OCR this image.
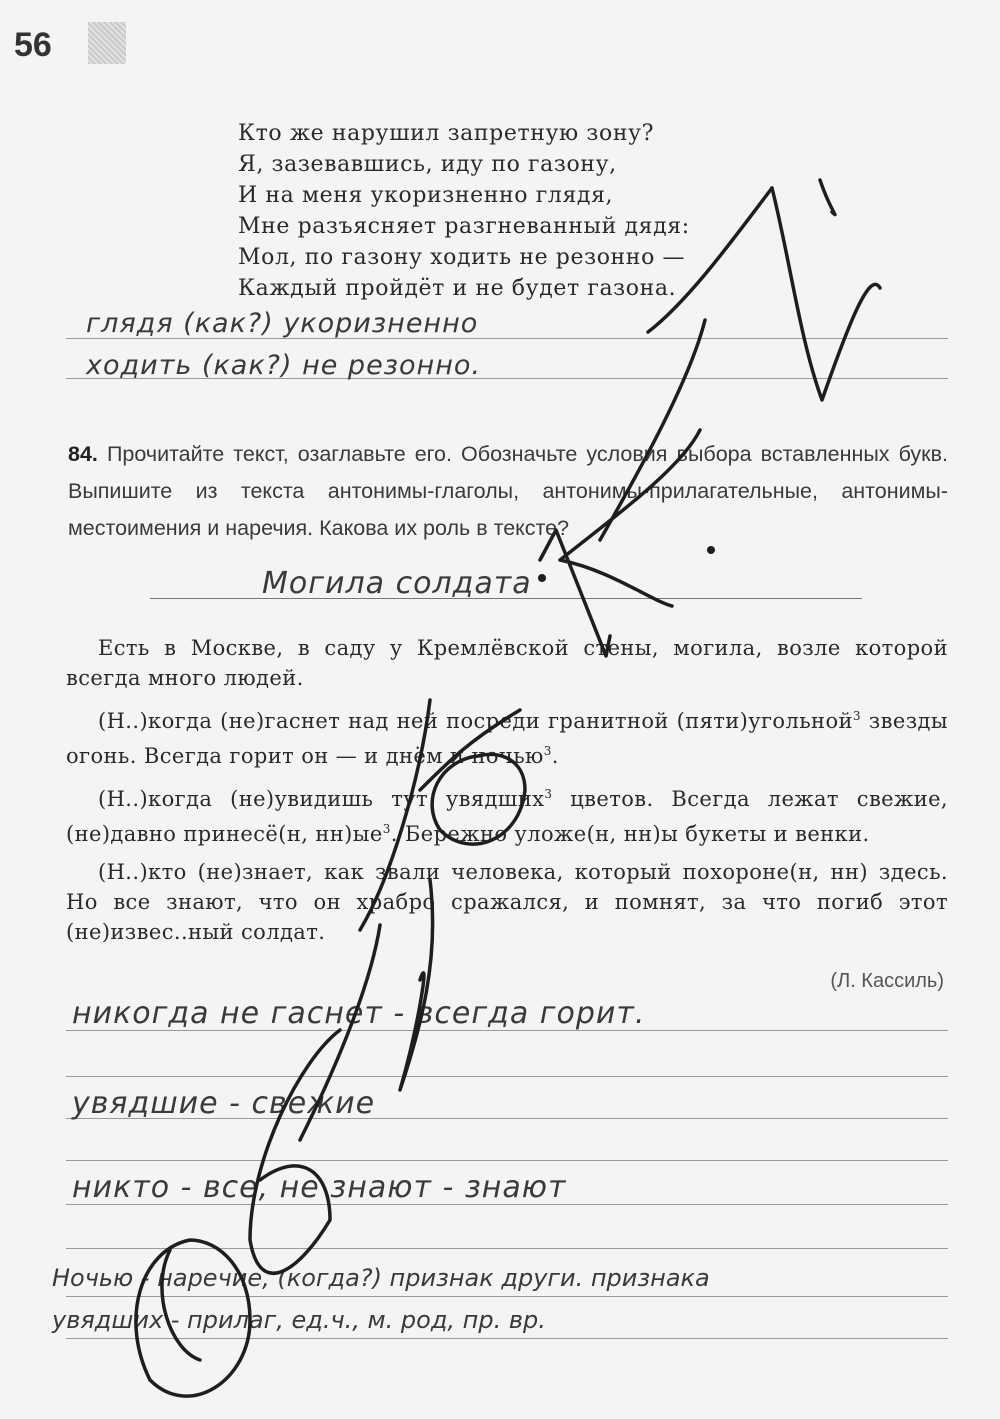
56
Кто же нарушил запретную зону?
Я, зазевавшись, иду по газону,
И на меня укоризненно глядя,
Мне разъясняет разгневанный дядя:
Мол, по газону ходить не резонно —
Каждый пройдёт и не будет газона.
глядя (как?) укоризненно
ходить (как?) не резонно.
84. Прочитайте текст, озаглавьте его. Обозначьте условия выбора вставленных букв. Выпишите из текста антонимы-глаголы, антонимы-прилагательные, антонимы-местоимения и наречия. Какова их роль в тексте?
Могила солдата

Есть в Москве, в саду у Кремлёвской стены, могила, возле которой всегда много людей.

(Н..)когда (не)гаснет над ней посреди гранитной (пяти)угольной$^3$ звезды огонь. Всегда горит он — и днём и ночью$^3$.

(Н..)когда (не)увидишь тут увядших$^3$ цветов. Всегда лежат свежие, (не)давно принесё(н, $нн)ые^3$. Бережно уложе(н, нн)ы букеты и венки.

(Н..)кто (не)знает, как звали человека, который похороне(н, нн) здесь. Но все знают, что он храбро сражался, и помнят, за что погиб этот (не)извес..ный солдат.

(Л. Кассиль)
никогда не гаснет - всегда горит.
увядшие - свежие
никто - все, не знают - знают
Ночью - наречие, (когда?) признак други. признака
увядших - прилаг, ед.ч., м. род, пр. вр.
